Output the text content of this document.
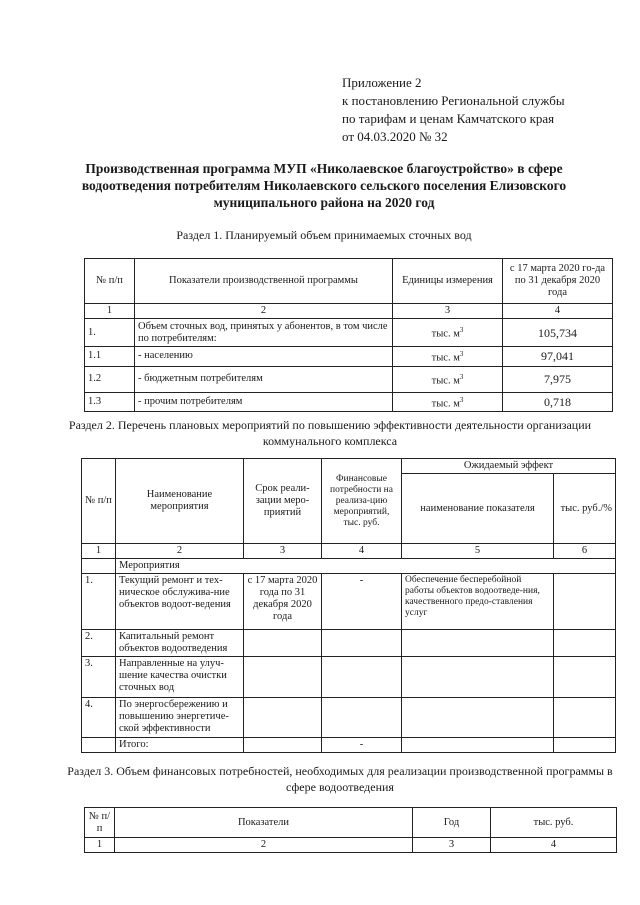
Приложение 2
к постановлению Региональной службы
по тарифам и ценам Камчатского края
от 04.03.2020 № 32
Производственная программа МУП «Николаевское благоустройство» в сфере водоотведения потребителям Николаевского сельского поселения Елизовского муниципального района на 2020 год
Раздел 1. Планируемый объем принимаемых сточных вод
№ п/п	Показатели производственной программы	Единицы измерения	с 17 марта 2020 го-да по 31 декабря 2020 года
1	2	3	4
1.	Объем сточных вод, принятых у абонентов, в том числе по потребителям:	тыс. $м^3$	105,734
1.1	- населению	тыс. $м^3$	97,041
1.2	- бюджетным потребителям	тыс. $м^3$	7,975
1.3	- прочим потребителям	тыс. $м^3$	0,718
Раздел 2. Перечень плановых мероприятий по повышению эффективности деятельности организации коммунального комплекса
№ п/п	Наименование мероприятия	Срок реали-зации меро-приятий	Финансовые потребности на реализа-цию мероприятий, тыс. руб.	Ожидаемый эффект	
				наименование показателя	тыс. руб./%
1	2	3	4	5	6
	Мероприятия				
1.	Текущий ремонт и тех-ническое обслужива-ние объектов водоот-ведения	с 17 марта 2020 года по 31 декабря 2020 года	-	Обеспечение бесперебойной работы объектов водоотведе-ния, качественного предо-ставления услуг	
2.	Капитальный ремонт объектов водоотведения				
3.	Направленные на улуч-шение качества очистки сточных вод				
4.	По энергосбережению и повышению энергетиче-ской эффективности				
	Итого:		-		
Раздел 3. Объем финансовых потребностей, необходимых для реализации производственной программы в сфере водоотведения
№ п/п	Показатели	Год	тыс. руб.
1	2	3	4
